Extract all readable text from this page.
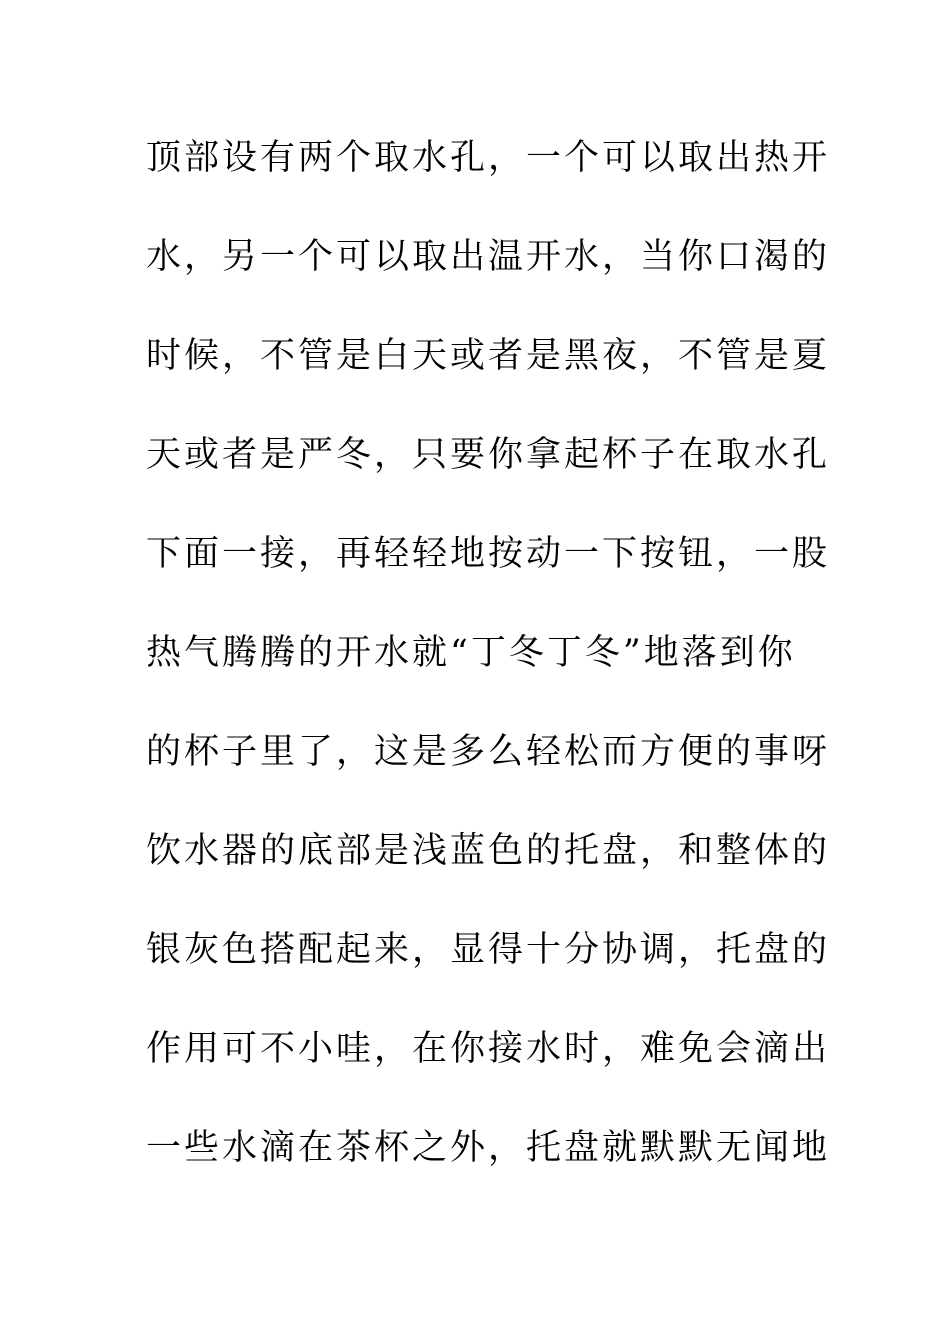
顶部设有两个取水孔，一个可以取出热开
水，另一个可以取出温开水，当你口渴的
时候，不管是白天或者是黑夜，不管是夏
天或者是严冬，只要你拿起杯子在取水孔
下面一接，再轻轻地按动一下按钮，一股
热气腾腾的开水就“丁冬丁冬”地落到你
的杯子里了，这是多么轻松而方便的事呀
饮水器的底部是浅蓝色的托盘，和整体的
银灰色搭配起来，显得十分协调，托盘的
作用可不小哇，在你接水时，难免会滴出
一些水滴在茶杯之外，托盘就默默无闻地
